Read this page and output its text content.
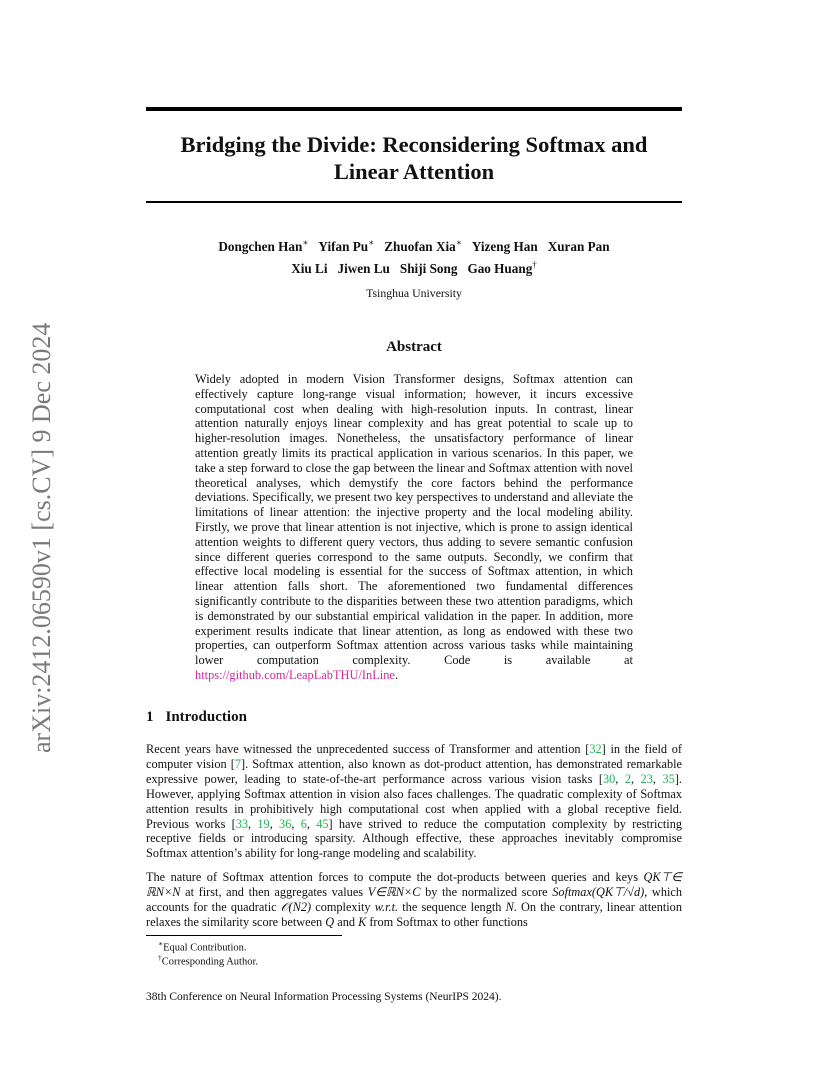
arXiv:2412.06590v1 [cs.CV] 9 Dec 2024
Bridging the Divide: Reconsidering Softmax and
Linear Attention
Dongchen Han∗ Yifan Pu∗ Zhuofan Xia∗ Yizeng Han Xuran Pan
Xiu Li Jiwen Lu Shiji Song Gao Huang†
Tsinghua University
Abstract

Widely adopted in modern Vision Transformer designs, Softmax attention can effectively capture long-range visual information; however, it incurs excessive computational cost when dealing with high-resolution inputs. In contrast, linear attention naturally enjoys linear complexity and has great potential to scale up to higher-resolution images. Nonetheless, the unsatisfactory performance of linear attention greatly limits its practical application in various scenarios. In this paper, we take a step forward to close the gap between the linear and Softmax attention with novel theoretical analyses, which demystify the core factors behind the performance deviations. Specifically, we present two key perspectives to understand and alleviate the limitations of linear attention: the injective property and the local modeling ability. Firstly, we prove that linear attention is not injective, which is prone to assign identical attention weights to different query vectors, thus adding to severe semantic confusion since different queries correspond to the same outputs. Secondly, we confirm that effective local modeling is essential for the success of Softmax attention, in which linear attention falls short. The aforementioned two fundamental differences significantly contribute to the disparities between these two attention paradigms, which is demonstrated by our substantial empirical validation in the paper. In addition, more experiment results indicate that linear attention, as long as endowed with these two properties, can outperform Softmax attention across various tasks while maintaining lower computation complexity.	Code is available at https://github.com/LeapLabTHU/InLine.

1 Introduction

Recent years have witnessed the unprecedented success of Transformer and attention [32] in the field of computer vision [7]. Softmax attention, also known as dot-product attention, has demonstrated remarkable expressive power, leading to state-of-the-art performance across various vision tasks [30, 2, 23, 35]. However, applying Softmax attention in vision also faces challenges. The quadratic complexity of Softmax attention results in prohibitively high computational cost when applied with a global receptive field. Previous works [33, 19, 36, 6, 45] have strived to reduce the computation complexity by restricting receptive fields or introducing sparsity. Although effective, these approaches inevitably compromise Softmax attention’s ability for long-range modeling and scalability.

The nature of Softmax attention forces to compute the dot-products between queries and keys QK⊤∈ ℝN×N at first, and then aggregates values V∈ℝN×C by the normalized score Softmax(QK⊤/√d), which accounts for the quadratic 𝒪(N2) complexity w.r.t. the sequence length N. On the contrary, linear attention relaxes the similarity score between Q and K from Softmax to other functions

∗Equal Contribution.
†Corresponding Author.
38th Conference on Neural Information Processing Systems (NeurIPS 2024).
